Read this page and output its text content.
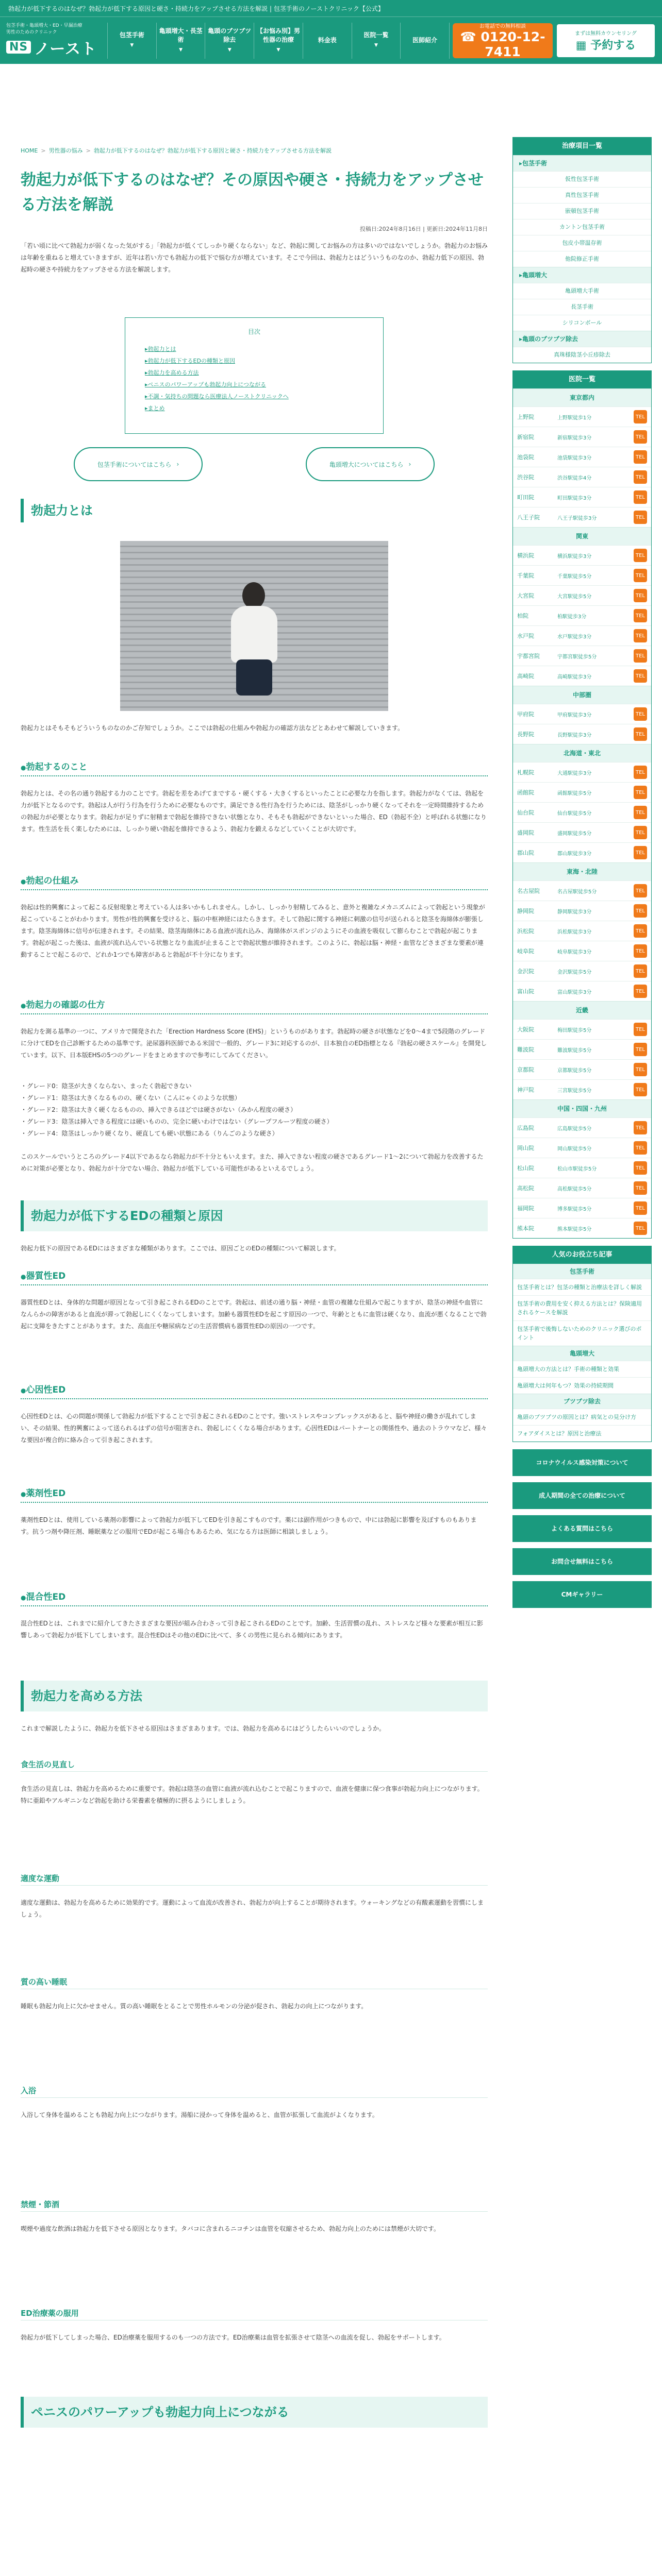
勃起力が低下するのはなぜ？勃起力が低下する原因と硬さ・持続力をアップさせる方法を解説 | 包茎手術のノーストクリニック【公式】
包茎手術・亀頭増大・ED・早漏治療
男性のためのクリニック
NS ノースト
包茎手術
▼
亀頭増大・長茎術
▼
亀頭のブツブツ除去
▼
【お悩み別】男性器の治療
▼
料金表
医院一覧
▼
医師紹介
お電話での無料相談
☎ 0120-12-7411
まずは無料カウンセリング
▦ 予約する
HOME > 男性器の悩み > 勃起力が低下するのはなぜ？勃起力が低下する原因と硬さ・持続力をアップさせる方法を解説
勃起力が低下するのはなぜ？その原因や硬さ・持続力をアップさせる方法を解説
投稿日:2024年8月16日 | 更新日:2024年11月8日
「若い頃に比べて勃起力が弱くなった気がする」「勃起力が低くてしっかり硬くならない」など、勃起に関してお悩みの方は多いのではないでしょうか。勃起力のお悩みは年齢を重ねると増えていきますが、近年は若い方でも勃起力の低下で悩む方が増えています。そこで今回は、勃起力とはどういうものなのか、勃起力低下の原因、勃起時の硬さや持続力をアップさせる方法を解説します。
目次
▸ 勃起力とは
▸ 勃起力が低下するEDの種類と原因
▸ 勃起力を高める方法
▸ ペニスのパワーアップも勃起力向上につながる
▸ 不調・気持ちの問題なら医療法人ノーストクリニックへ
▸ まとめ
包茎手術についてはこちら ›	亀頭増大についてはこちら ›
勃起力とは
勃起力とはそもそもどういうものなのかご存知でしょうか。ここでは勃起の仕組みや勃起力の確認方法などとあわせて解説していきます。
● 勃起するのこと
勃起力とは、その名の通り勃起する力のことです。勃起を差をあげてまでする・硬くする・大きくするといったことに必要な力を指します。勃起力がなくては、勃起を力が低下となるのです。勃起は人が行う行為を行うために必要なものです。満足できる性行為を行うためには、陰茎がしっかり硬くなってそれを一定時間維持するための勃起力が必要となります。勃起力が足りずに射精まで勃起を維持できない状態となり、そもそも勃起ができないといった場合、ED（勃起不全）と呼ばれる状態になります。性生活を長く楽しむためには、しっかり硬い勃起を維持できるよう、勃起力を鍛えるなどしていくことが大切です。
● 勃起の仕組み
勃起は性的興奮によって起こる反射現象と考えている人は多いかもしれません。しかし、しっかり射精してみると、意外と複雑なメカニズムによって勃起という現象が起こっていることがわかります。男性が性的興奮を受けると、脳の中枢神経にはたらきます。そして勃起に関する神経に刺激の信号が送られると陰茎を海綿体が膨張します。陰茎海綿体に信号が伝達されます。その結果、陰茎海綿体にある血液が流れ込み、海綿体がスポンジのようにその血液を吸収して膨らむことで勃起が起こります。勃起が起こった後は、血液が流れ込んでいる状態となり血流が止まることで勃起状態が維持されます。このように、勃起は脳・神経・血管などさまざまな要素が連動することで起こるので、どれか1つでも障害があると勃起が不十分になります。
● 勃起力の確認の仕方
勃起力を測る基準の一つに、アメリカで開発された「Erection Hardness Score (EHS)」というものがあります。勃起時の硬さが状態などを0〜4まで5段階のグレードに分けてEDを自己診断するための基準です。泌尿器科医師である米国で一般的、グレード3に対応するのが、日本独自のED指標となる『勃起の硬さスケール』を開発しています。以下、日本版EHSの5つのグレードをまとめますので参考にしてみてください。
・グレード0：陰茎が大きくならない、まったく勃起できない
・グレード1：陰茎は大きくなるものの、硬くない（こんにゃくのような状態）
・グレード2：陰茎は大きく硬くなるものの、挿入できるほどでは硬さがない（みかん程度の硬さ）
・グレード3：陰茎は挿入できる程度には硬いものの、完全に硬いわけではない（グレープフルーツ程度の硬さ）
・グレード4：陰茎はしっかり硬くなり、硬直しても硬い状態にある（りんごのような硬さ）
このスケールでいうところのグレード4以下であるなら勃起力が不十分ともいえます。また、挿入できない程度の硬さであるグレード1〜2について勃起力を改善するために対策が必要となり、勃起力が十分でない場合、勃起力が低下している可能性があるといえるでしょう。
勃起力が低下するEDの種類と原因
勃起力低下の原因であるEDにはさまざまな種類があります。ここでは、原因ごとのEDの種類について解説します。
● 器質性ED
器質性EDとは、身体的な問題が原因となって引き起こされるEDのことです。勃起は、前述の通り脳・神経・血管の複雑な仕組みで起こりますが、陰茎の神経や血管になんらかの障害があると血流が滞って勃起しにくくなってしまいます。加齢も器質性EDを起こす原因の一つで、年齢とともに血管は硬くなり、血流が悪くなることで勃起に支障をきたすことがあります。また、高血圧や糖尿病などの生活習慣病も器質性EDの原因の一つです。
● 心因性ED
心因性EDとは、心の問題が関係して勃起力が低下することで引き起こされるEDのことです。強いストレスやコンプレックスがあると、脳や神経の働きが乱れてしまい、その結果、性的興奮によって送られるはずの信号が阻害され、勃起しにくくなる場合があります。心因性EDはパートナーとの関係性や、過去のトラウマなど、様々な要因が複合的に絡み合って引き起こされます。
● 薬剤性ED
薬剤性EDとは、使用している薬剤の影響によって勃起力が低下してEDを引き起こすものです。薬には副作用がつきもので、中には勃起に影響を及ぼすものもあります。抗うつ剤や降圧剤、睡眠薬などの服用でEDが起こる場合もあるため、気になる方は医師に相談しましょう。
● 混合性ED
混合性EDとは、これまでに紹介してきたさまざまな要因が組み合わさって引き起こされるEDのことです。加齢、生活習慣の乱れ、ストレスなど様々な要素が相互に影響しあって勃起力が低下してしまいます。混合性EDはその他のEDに比べて、多くの男性に見られる傾向にあります。
勃起力を高める方法
これまで解説したように、勃起力を低下させる原因はさまざまあります。では、勃起力を高めるにはどうしたらいいのでしょうか。
食生活の見直し
食生活の見直しは、勃起力を高めるために重要です。勃起は陰茎の血管に血液が流れ込むことで起こりますので、血液を健康に保つ食事が勃起力向上につながります。特に亜鉛やアルギニンなど勃起を助ける栄養素を積極的に摂るようにしましょう。
適度な運動
適度な運動は、勃起力を高めるために効果的です。運動によって血流が改善され、勃起力が向上することが期待されます。ウォーキングなどの有酸素運動を習慣にしましょう。
質の高い睡眠
睡眠も勃起力向上に欠かせません。質の高い睡眠をとることで男性ホルモンの分泌が促され、勃起力の向上につながります。
入浴
入浴して身体を温めることも勃起力向上につながります。湯船に浸かって身体を温めると、血管が拡張して血流がよくなります。
禁煙・節酒
喫煙や過度な飲酒は勃起力を低下させる原因となります。タバコに含まれるニコチンは血管を収縮させるため、勃起力向上のためには禁煙が大切です。
ED治療薬の服用
勃起力が低下してしまった場合、ED治療薬を服用するのも一つの方法です。ED治療薬は血管を拡張させて陰茎への血流を促し、勃起をサポートします。
ペニスのパワーアップも勃起力向上につながる
治療項目一覧
▸ 包茎手術
仮性包茎手術
真性包茎手術
嵌頓包茎手術
カントン包茎手術
包皮小帯温存術
他院修正手術
▸ 亀頭増大
亀頭増大手術
長茎手術
シリコンボール
▸ 亀頭のブツブツ除去
真珠様陰茎小丘疹除去
医院一覧
東京都内
上野院	上野駅徒歩1分	TEL
新宿院	新宿駅徒歩3分	TEL
池袋院	池袋駅徒歩3分	TEL
渋谷院	渋谷駅徒歩4分	TEL
町田院	町田駅徒歩3分	TEL
八王子院	八王子駅徒歩3分	TEL
関東
横浜院	横浜駅徒歩3分	TEL
千葉院	千葉駅徒歩5分	TEL
大宮院	大宮駅徒歩5分	TEL
柏院	柏駅徒歩3分	TEL
水戸院	水戸駅徒歩3分	TEL
宇都宮院	宇都宮駅徒歩5分	TEL
高崎院	高崎駅徒歩3分	TEL
中部圏
甲府院	甲府駅徒歩3分	TEL
長野院	長野駅徒歩3分	TEL
北海道・東北
札幌院	大通駅徒歩3分	TEL
函館院	函館駅徒歩5分	TEL
仙台院	仙台駅徒歩5分	TEL
盛岡院	盛岡駅徒歩5分	TEL
郡山院	郡山駅徒歩3分	TEL
東海・北陸
名古屋院	名古屋駅徒歩5分	TEL
静岡院	静岡駅徒歩3分	TEL
浜松院	浜松駅徒歩3分	TEL
岐阜院	岐阜駅徒歩3分	TEL
金沢院	金沢駅徒歩5分	TEL
富山院	富山駅徒歩3分	TEL
近畿
大阪院	梅田駅徒歩5分	TEL
難波院	難波駅徒歩5分	TEL
京都院	京都駅徒歩5分	TEL
神戸院	三宮駅徒歩5分	TEL
中国・四国・九州
広島院	広島駅徒歩5分	TEL
岡山院	岡山駅徒歩5分	TEL
松山院	松山市駅徒歩5分	TEL
高松院	高松駅徒歩5分	TEL
福岡院	博多駅徒歩5分	TEL
熊本院	熊本駅徒歩5分	TEL
人気のお役立ち記事
包茎手術
包茎手術とは？包茎の種類と治療法を詳しく解説
包茎手術の費用を安く抑える方法とは？保険適用されるケースを解説
包茎手術で後悔しないためのクリニック選びのポイント
亀頭増大
亀頭増大の方法とは？手術の種類と効果
亀頭増大は何年もつ？効果の持続期間
ブツブツ除去
亀頭のブツブツの原因とは？病気との見分け方
フォアダイスとは？原因と治療法
コロナウイルス感染対策について
成人期間の全ての治療について
よくある質問はこちら
お問合せ無料はこちら
CMギャラリー
